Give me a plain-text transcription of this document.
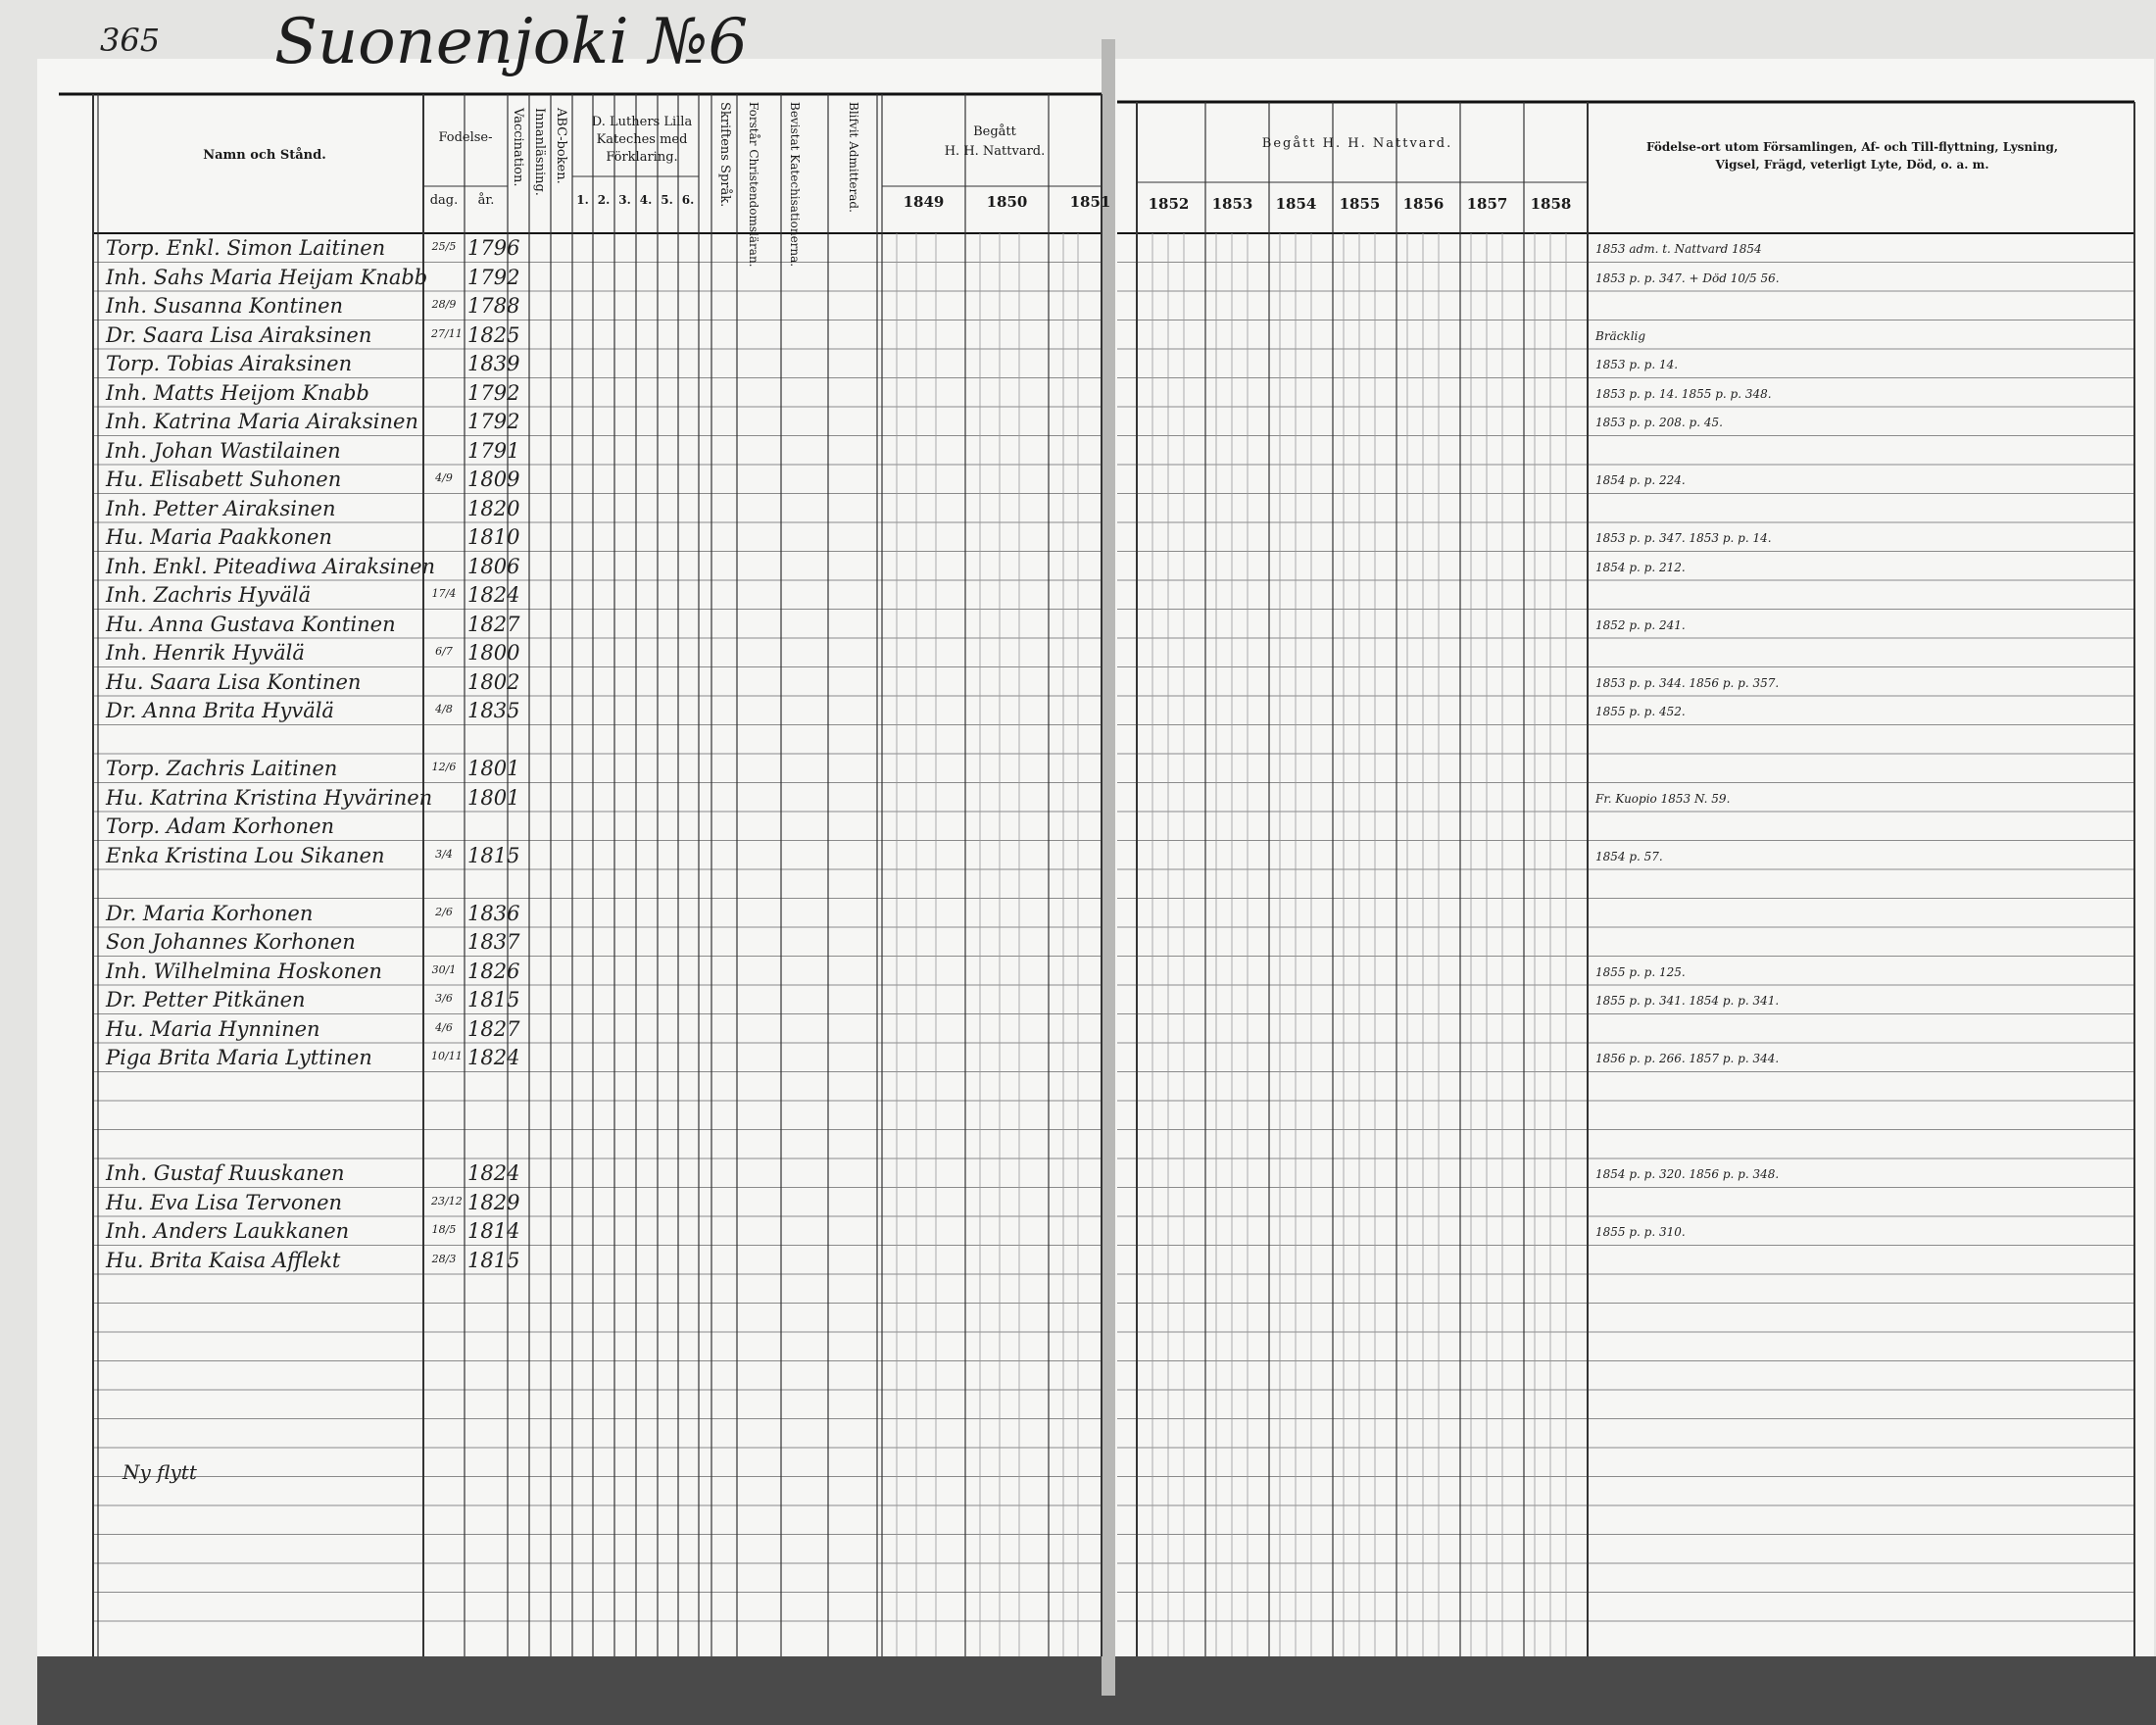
365 Suonenjoki №6
Namn och Stånd.
Fodelse-
dag.	år.
Vaccination. Innanläsning. ABC-boken.	D. Luthers Lilla
Kateches med
Förklaring.
1. 2. 3. 4. 5. 6.	Skriftens Språk. Forstår Christendomsläran. Bevistat Katechisationerna.	Blifvit Admitterad.	Begått
H. H. Nattvard.
1849	1850	1851
Begått H. H. Nattvard.
1852	1853	1854	1855	1856	1857	1858
Födelse-ort utom Församlingen, Af- och Till-flyttning, Lysning,
Vigsel, Frägd, veterligt Lyte, Död, o. a. m.
Torp. Enkl. Simon Laitinen	25/5 1796	1853 adm. t. Nattvard 1854
Inh. Sahs Maria Heijam Knabb 1792	1853 p. p. 347. + Död 10/5 56.
Inh. Susanna Kontinen	28/9 1788
Dr. Saara Lisa Airaksinen	27/11 1825	Bräcklig
Torp. Tobias Airaksinen	1839	1853 p. p. 14.
Inh. Matts Heijom Knabb	1792	1853 p. p. 14. 1855 p. p. 348.
Inh. Katrina Maria Airaksinen 1792	1853 p. p. 208. p. 45.
Inh. Johan Wastilainen	1791
Hu. Elisabett Suhonen	4/9 1809	1854 p. p. 224.
Inh. Petter Airaksinen	1820
Hu. Maria Paakkonen	1810	1853 p. p. 347. 1853 p. p. 14.
Inh. Enkl. Piteadiwa Airaksinen 1806	1854 p. p. 212.
Inh. Zachris Hyvälä	17/4 1824
Hu. Anna Gustava Kontinen	1827	1852 p. p. 241.
Inh. Henrik Hyvälä	6/7 1800
Hu. Saara Lisa Kontinen	1802	1853 p. p. 344. 1856 p. p. 357.
Dr. Anna Brita Hyvälä	4/8 1835	1855 p. p. 452.
Torp. Zachris Laitinen	12/6 1801
Hu. Katrina Kristina Hyvärinen 1801	Fr. Kuopio 1853 N. 59.
Torp. Adam Korhonen
Enka Kristina Lou Sikanen	3/4 1815	1854 p. 57.
Dr. Maria Korhonen	2/6 1836
Son Johannes Korhonen	1837
Inh. Wilhelmina Hoskonen	30/1 1826	1855 p. p. 125.
Dr. Petter Pitkänen	3/6 1815	1855 p. p. 341. 1854 p. p. 341.
Hu. Maria Hynninen	4/6 1827
Piga Brita Maria Lyttinen	10/11 1824	1856 p. p. 266. 1857 p. p. 344.
Inh. Gustaf Ruuskanen	1824	1854 p. p. 320. 1856 p. p. 348.
Hu. Eva Lisa Tervonen	23/12 1829
Inh. Anders Laukkanen	18/5 1814	1855 p. p. 310.
Hu. Brita Kaisa Afflekt	28/3 1815
Ny flytt
